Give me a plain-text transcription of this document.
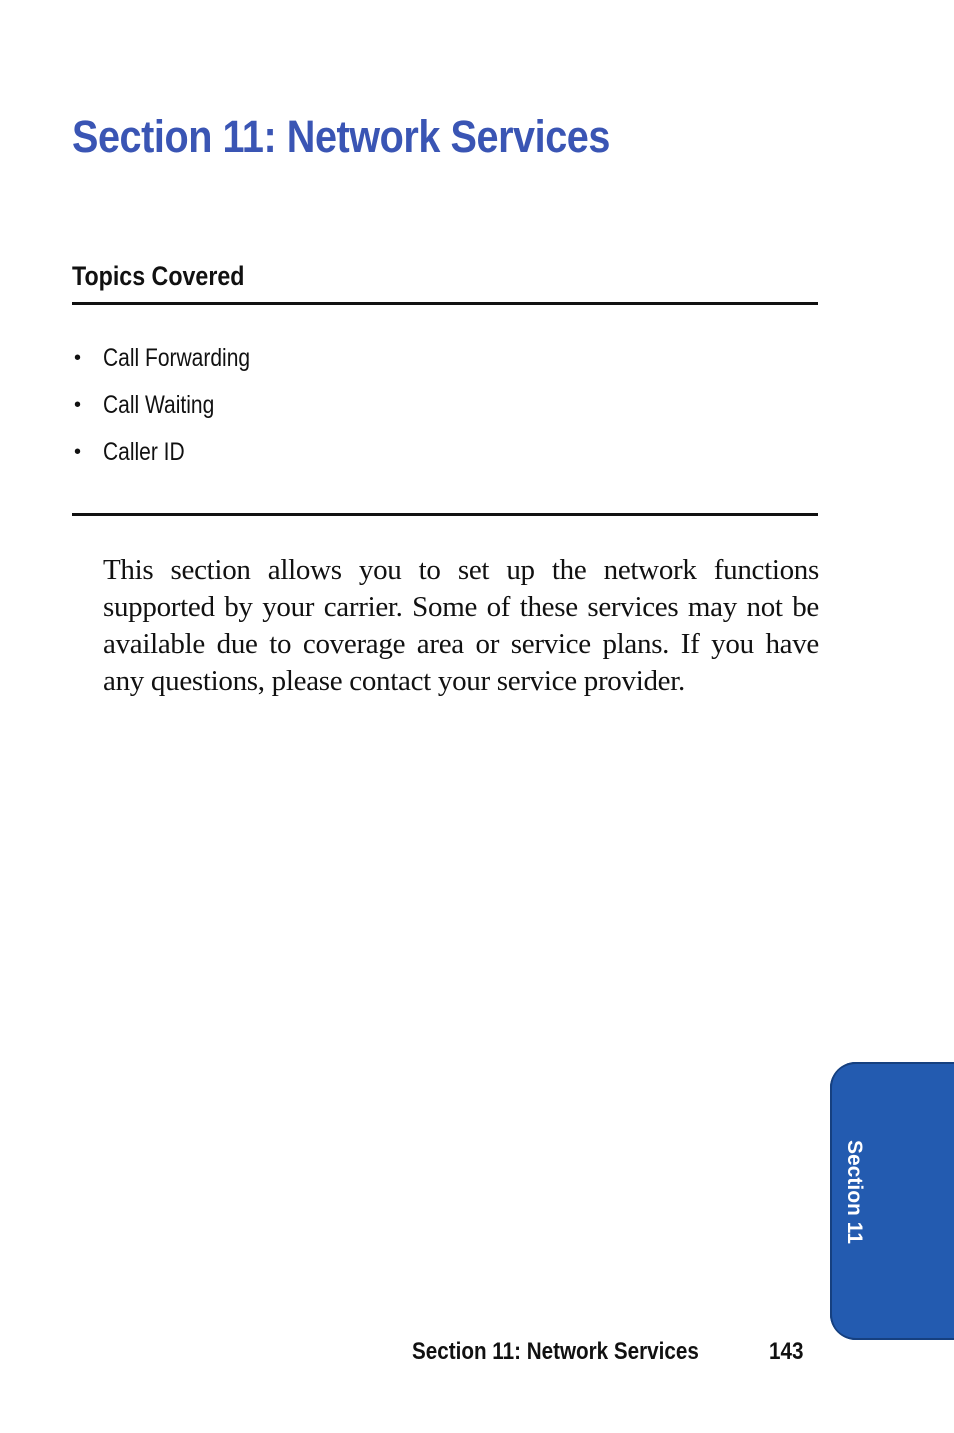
Section 11: Network Services
Topics Covered
• Call Forwarding
• Call Waiting
• Caller ID

This section allows you to set up the network functions supported by your carrier. Some of these services may not be available due to coverage area or service plans. If you have any questions, please contact your service provider.

Section 11
Section 11: Network Services	143
